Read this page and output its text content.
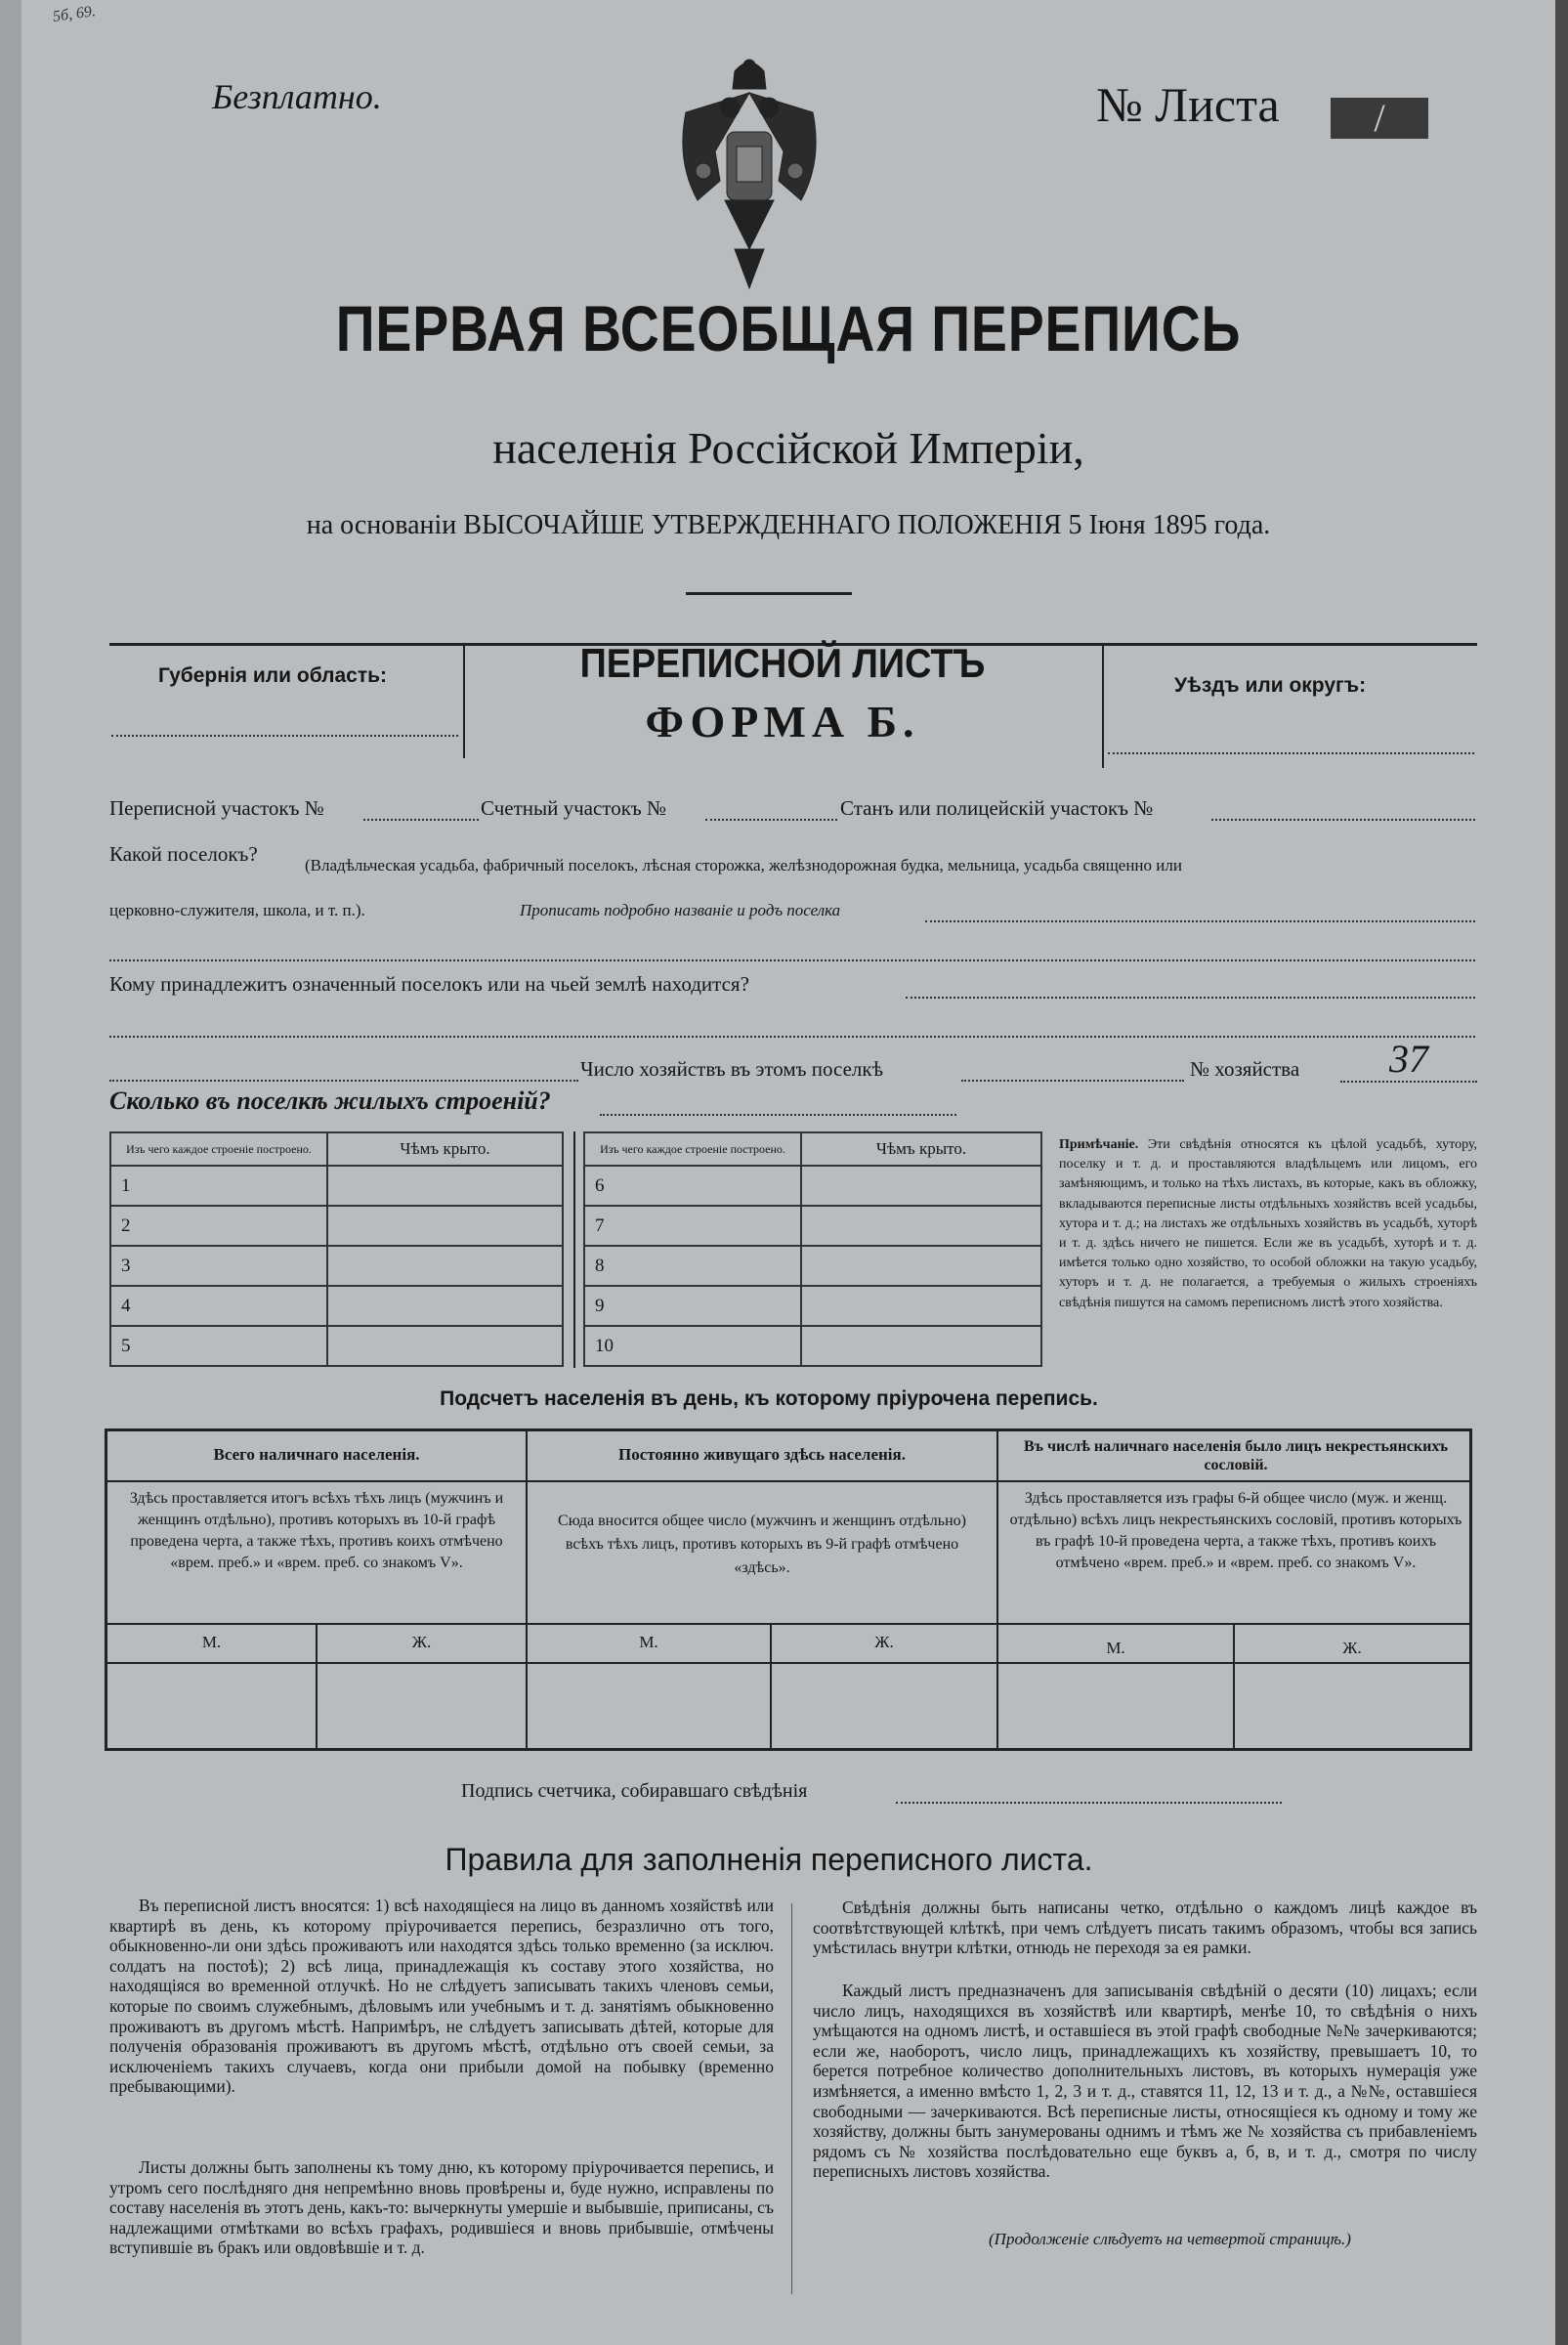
5б, 69.
Безплатно.	№ Листа	/
ПЕРВАЯ ВСЕОБЩАЯ ПЕРЕПИСЬ
населенія Россійской Имперіи,
на основаніи ВЫСОЧАЙШЕ УТВЕРЖДЕННАГО ПОЛОЖЕНІЯ 5 Іюня 1895 года.
Губернія или область:	ПЕРЕПИСНОЙ ЛИСТЪ
ФОРМА Б.
Уѣздъ или округъ:
Переписной участокъ №	Счетный участокъ №	Станъ или полицейскій участокъ №
Какой поселокъ?	(Владѣльческая усадьба, фабричный поселокъ, лѣсная сторожка, желѣзнодорожная будка, мельница, усадьба священно или
церковно-служителя, школа, и т. п.).	Прописать подробно названіе и родъ поселка
Кому принадлежитъ означенный поселокъ или на чьей землѣ находится?
Число хозяйствъ въ этомъ поселкѣ	№ хозяйства	37
Сколько въ поселкѣ жилыхъ строеній?
Изъ чего каждое строеніе построено.	Чѣмъ крыто.
1	
2	
3	
4	
5	
Изъ чего каждое строеніе построено.	Чѣмъ крыто.
6	
7	
8	
9	
10	
Примѣчаніе. Эти свѣдѣнія относятся къ цѣлой усадьбѣ, хутору, поселку и т. д. и проставляются владѣльцемъ или лицомъ, его замѣняющимъ, и только на тѣхъ листахъ, въ которые, какъ въ обложку, вкладываются переписные листы отдѣльныхъ хозяйствъ всей усадьбы, хутора и т. д.; на листахъ же отдѣльныхъ хозяйствъ въ усадьбѣ, хуторѣ и т. д. здѣсь ничего не пишется. Если же въ усадьбѣ, хуторѣ и т. д. имѣется только одно хозяйство, то особой обложки на такую усадьбу, хуторъ и т. д. не полагается, а требуемыя о жилыхъ строеніяхъ свѣдѣнія пишутся на самомъ переписномъ листѣ этого хозяйства.
Подсчетъ населенія въ день, къ которому пріурочена перепись.
Всего наличнаго населенія.
Здѣсь проставляется итогъ всѣхъ тѣхъ лицъ (мужчинъ и женщинъ отдѣльно), противъ которыхъ въ 10-й графѣ проведена черта, а также тѣхъ, противъ коихъ отмѣчено «врем. преб.» и «врем. преб. со знакомъ V».
Постоянно живущаго здѣсь населенія.
Сюда вносится общее число (мужчинъ и женщинъ отдѣльно) всѣхъ тѣхъ лицъ, противъ которыхъ въ 9-й графѣ отмѣчено «здѣсь».
Въ числѣ наличнаго населенія было лицъ некрестьянскихъ сословій.
Здѣсь проставляется изъ графы 6-й общее число (муж. и женщ. отдѣльно) всѣхъ лицъ некрестьянскихъ сословій, противъ которыхъ въ графѣ 10-й проведена черта, а также тѣхъ, противъ коихъ отмѣчено «врем. преб.» и «врем. преб. со знакомъ V».
М.	Ж.	М.	Ж.	М.	Ж.
Подпись счетчика, собиравшаго свѣдѣнія
Правила для заполненія переписного листа.
Въ переписной листъ вносятся: 1) всѣ находящіеся на лицо въ данномъ хозяйствѣ или квартирѣ въ день, къ которому пріурочивается перепись, безразлично отъ того, обыкновенно-ли они здѣсь проживаютъ или находятся здѣсь только временно (за исключ. солдатъ на постоѣ); 2) всѣ лица, принадлежащія къ составу этого хозяйства, но находящіяся во временной отлучкѣ. Но не слѣдуетъ записывать такихъ членовъ семьи, которые по своимъ служебнымъ, дѣловымъ или учебнымъ и т. д. занятіямъ обыкновенно проживаютъ въ другомъ мѣстѣ. Напримѣръ, не слѣдуетъ записывать дѣтей, которые для полученія образованія проживаютъ въ другомъ мѣстѣ, отдѣльно отъ своей семьи, за исключеніемъ такихъ случаевъ, когда они прибыли домой на побывку (временно пребывающими).
Листы должны быть заполнены къ тому дню, къ которому пріурочивается перепись, и утромъ сего послѣдняго дня непремѣнно вновь провѣрены и, буде нужно, исправлены по составу населенія въ этотъ день, какъ-то: вычеркнуты умершіе и выбывшіе, приписаны, съ надлежащими отмѣтками во всѣхъ графахъ, родившіеся и вновь прибывшіе, отмѣчены вступившіе въ бракъ или овдовѣвшіе и т. д.
Свѣдѣнія должны быть написаны четко, отдѣльно о каждомъ лицѣ каждое въ соотвѣтствующей клѣткѣ, при чемъ слѣдуетъ писать такимъ образомъ, чтобы вся запись умѣстилась внутри клѣтки, отнюдь не переходя за ея рамки.
Каждый листъ предназначенъ для записыванія свѣдѣній о десяти (10) лицахъ; если число лицъ, находящихся въ хозяйствѣ или квартирѣ, менѣе 10, то свѣдѣнія о нихъ умѣщаются на одномъ листѣ, и оставшіеся въ этой графѣ свободные №№ зачеркиваются; если же, наоборотъ, число лицъ, принадлежащихъ къ хозяйству, превышаетъ 10, то берется потребное количество дополнительныхъ листовъ, въ которыхъ нумерація уже измѣняется, а именно вмѣсто 1, 2, 3 и т. д., ставятся 11, 12, 13 и т. д., а №№, оставшіеся свободными — зачеркиваются. Всѣ переписные листы, относящіеся къ одному и тому же хозяйству, должны быть занумерованы однимъ и тѣмъ же № хозяйства съ прибавленіемъ рядомъ съ № хозяйства послѣдовательно еще буквъ а, б, в, и т. д., смотря по числу переписныхъ листовъ хозяйства.
(Продолженіе слѣдуетъ на четвертой страницѣ.)
